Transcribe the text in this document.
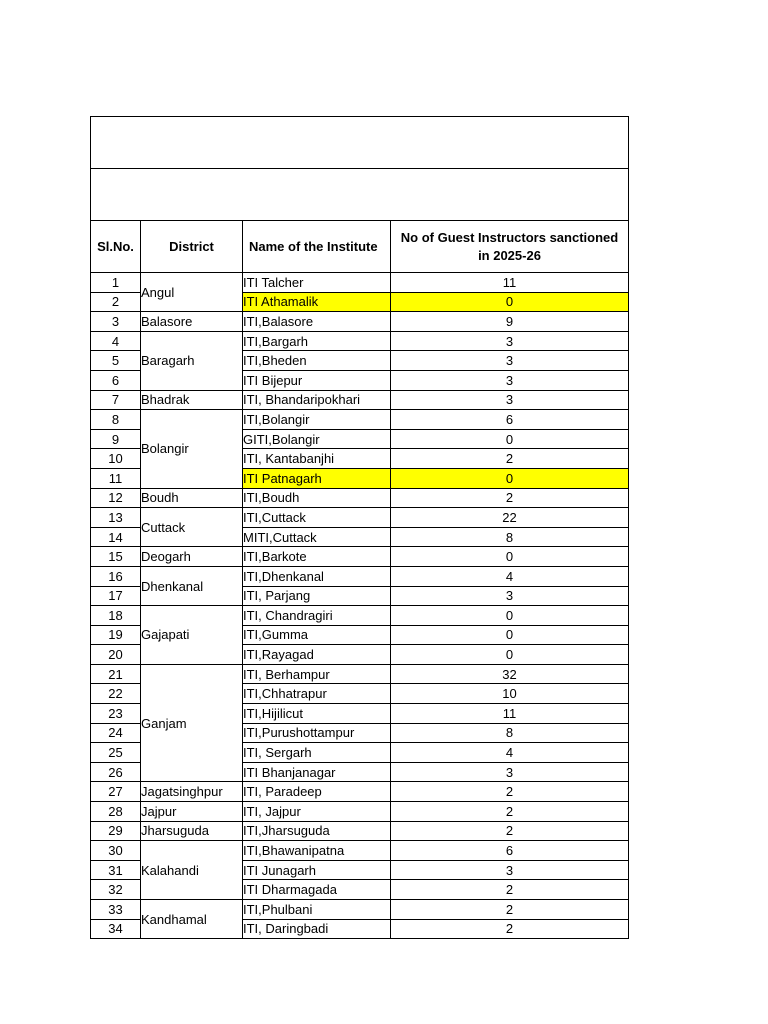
Sl.No.	District	Name of the Institute	No of Guest Instructors sanctioned in 2025-26
1	Angul	ITI Talcher	11
2		ITI Athamalik	0
3	Balasore	ITI,Balasore	9
4	Baragarh	ITI,Bargarh	3
5		ITI,Bheden	3
6		ITI Bijepur	3
7	Bhadrak	ITI, Bhandaripokhari	3
8	Bolangir	ITI,Bolangir	6
9		GITI,Bolangir	0
10		ITI, Kantabanjhi	2
11		ITI Patnagarh	0
12	Boudh	ITI,Boudh	2
13	Cuttack	ITI,Cuttack	22
14		MITI,Cuttack	8
15	Deogarh	ITI,Barkote	0
16	Dhenkanal	ITI,Dhenkanal	4
17		ITI, Parjang	3
18	Gajapati	ITI, Chandragiri	0
19		ITI,Gumma	0
20		ITI,Rayagad	0
21	Ganjam	ITI, Berhampur	32
22		ITI,Chhatrapur	10
23		ITI,Hijilicut	11
24		ITI,Purushottampur	8
25		ITI, Sergarh	4
26		ITI Bhanjanagar	3
27	Jagatsinghpur	ITI, Paradeep	2
28	Jajpur	ITI, Jajpur	2
29	Jharsuguda	ITI,Jharsuguda	2
30	Kalahandi	ITI,Bhawanipatna	6
31		ITI Junagarh	3
32		ITI Dharmagada	2
33	Kandhamal	ITI,Phulbani	2
34		ITI, Daringbadi	2
